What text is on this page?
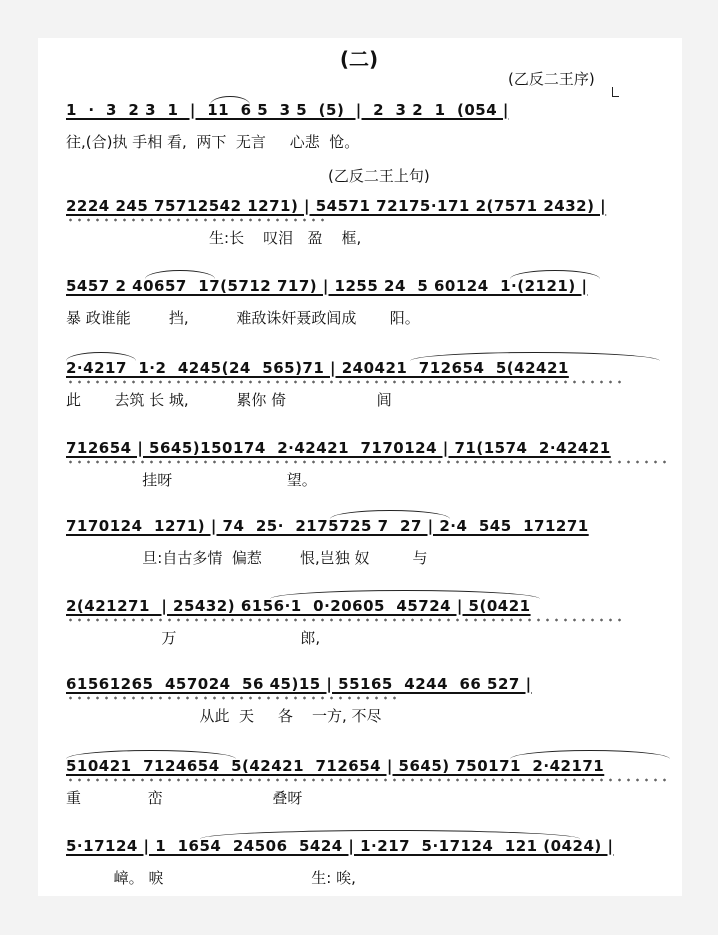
(二)
(乙反二王序)
(乙反二王上句)
1  ·  3  2 3  1  |  11  6 5  3 5  (5)  |  2  3 2  1  (054 |
往,(合)执 手相 看,  两下  无言     心悲  怆。
2224 245 75712542 1271) | 54571 72175·171 2(7571 2432) |
生:长    叹泪   盈    框,
5457 2 40657  17(5712 717) | 1255 24  5 60124  1·(2121) |
暴 政谁能        挡,          难敌诛奸聂政闾成       阳。
2·4217  1·2  4245(24  565)71 | 240421  712654  5(42421
此       去筑 长 城,          累你 倚                   闾
712654 | 5645)150174  2·42421  7170124 | 71(1574  2·42421
挂呀                        望。
7170124  1271) | 74  25·  2175725 7  27 | 2·4  545  171271
旦:自古多情  偏惹        恨,岂独 奴         与
2(421271  | 25432) 6156·1  0·20605  45724 | 5(0421
万                          郎,
61561265  457024  56 45)15 | 55165  4244  66 527 |
从此  天     各    一方, 不尽
510421  7124654  5(42421  712654 | 5645) 750171  2·42171
重              峦                       叠呀
5·17124 | 1  1654  24506  5424 | 1·217  5·17124  121 (0424) |
嶂。 唳                               生: 唉,
